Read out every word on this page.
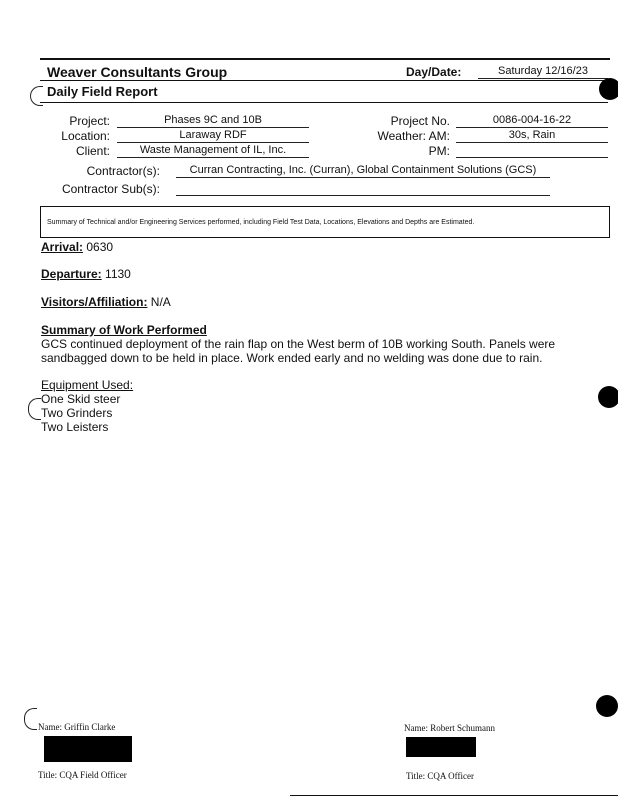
Weaver Consultants Group	Day/Date:	Saturday 12/16/23
Daily Field Report
Project:	Phases 9C and 10B
Location:	Laraway RDF
Client:	Waste Management of IL, Inc.
Project No.	0086-004-16-22
Weather: AM:	30s, Rain
PM:
Contractor(s):	Curran Contracting, Inc. (Curran), Global Containment Solutions (GCS)
Contractor Sub(s):
Summary of Technical and/or Engineering Services performed, including Field Test Data, Locations, Elevations and Depths are Estimated.
Arrival: 0630
Departure: 1130
Visitors/Affiliation: N/A
Summary of Work Performed
GCS continued deployment of the rain flap on the West berm of 10B working South. Panels were
sandbagged down to be held in place. Work ended early and no welding was done due to rain.
Equipment Used:
One Skid steer
Two Grinders
Two Leisters
Name: Griffin Clarke
Title: CQA Field Officer
Name: Robert Schumann
Title: CQA Officer
